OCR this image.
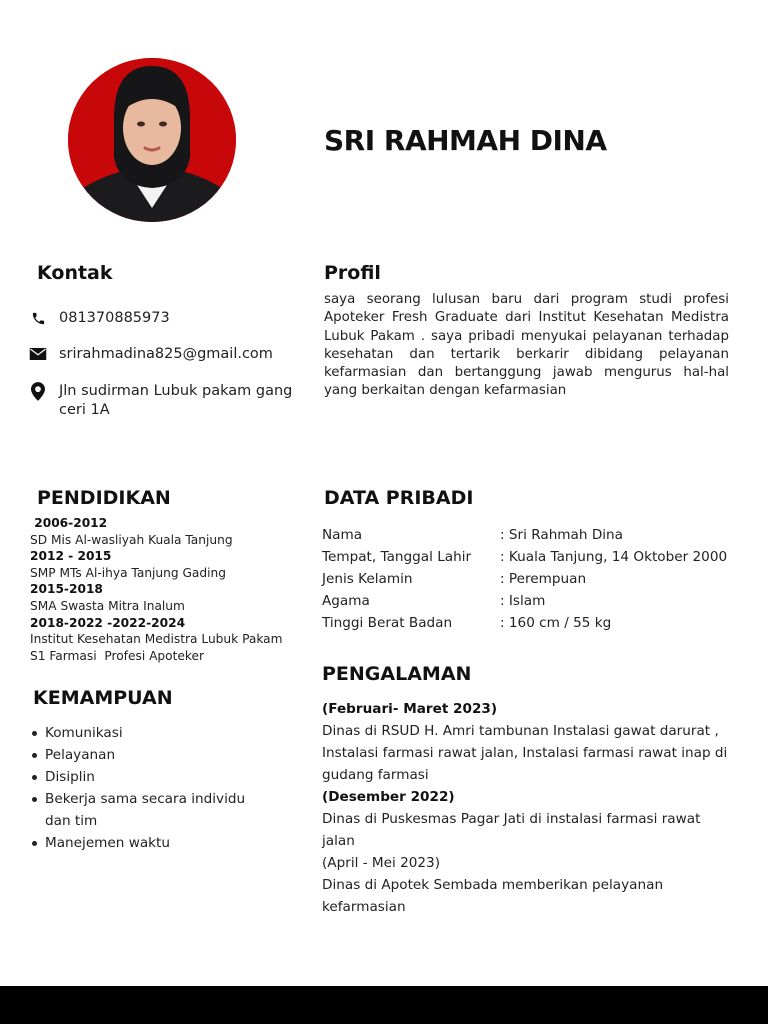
SRI RAHMAH DINA
Kontak	Profil
081370885973
srirahmadina825@gmail.com
Jln sudirman Lubuk pakam gang ceri 1A
saya seorang lulusan baru dari program studi profesi Apoteker Fresh Graduate dari Institut Kesehatan Medistra Lubuk Pakam . saya pribadi menyukai pelayanan terhadap kesehatan dan tertarik berkarir dibidang pelayanan kefarmasian dan bertanggung jawab mengurus hal-hal yang berkaitan dengan kefarmasian
PENDIDIKAN	DATA PRIBADI
2006-2012
SD Mis Al-wasliyah Kuala Tanjung
2012 - 2015
SMP MTs Al-ihya Tanjung Gading
2015-2018
SMA Swasta Mitra Inalum
2018-2022 -2022-2024
Institut Kesehatan Medistra Lubuk Pakam
S1 Farmasi  Profesi Apoteker
Nama	: Sri Rahmah Dina
Tempat, Tanggal Lahir : Kuala Tanjung, 14 Oktober 2000
Jenis Kelamin	: Perempuan
Agama	: Islam
Tinggi Berat Badan	: 160 cm / 55 kg
KEMAMPUAN
Komunikasi
Pelayanan
Disiplin
Bekerja sama secara individu dan tim
Manejemen waktu
PENGALAMAN
(Februari- Maret 2023)
Dinas di RSUD H. Amri tambunan Instalasi gawat darurat , Instalasi farmasi rawat jalan, Instalasi farmasi rawat inap di gudang farmasi
(Desember 2022)
Dinas di Puskesmas Pagar Jati di instalasi farmasi rawat jalan
(April - Mei 2023)
Dinas di Apotek Sembada memberikan pelayanan kefarmasian
